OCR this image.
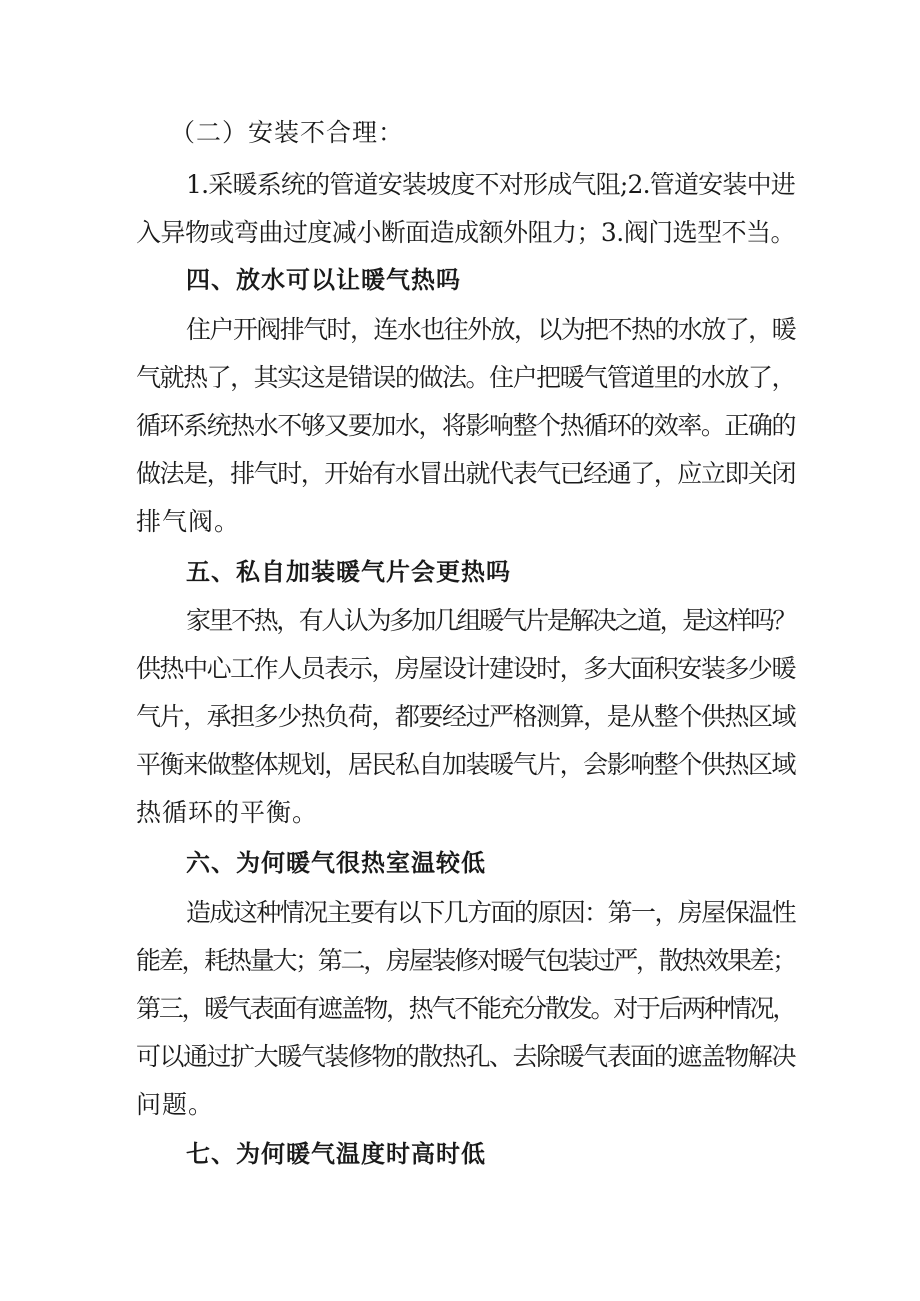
（二）安装不合理：
1.采暖系统的管道安装坡度不对形成气阻;2.管道安装中进
入异物或弯曲过度减小断面造成额外阻力；3.阀门选型不当。
四、放水可以让暖气热吗
住户开阀排气时，连水也往外放，以为把不热的水放了，暖
气就热了，其实这是错误的做法。住户把暖气管道里的水放了，
循环系统热水不够又要加水，将影响整个热循环的效率。正确的
做法是，排气时，开始有水冒出就代表气已经通了，应立即关闭
排气阀。
五、私自加装暖气片会更热吗
家里不热，有人认为多加几组暖气片是解决之道，是这样吗？
供热中心工作人员表示，房屋设计建设时，多大面积安装多少暖
气片，承担多少热负荷，都要经过严格测算，是从整个供热区域
平衡来做整体规划，居民私自加装暖气片，会影响整个供热区域
热循环的平衡。
六、为何暖气很热室温较低
造成这种情况主要有以下几方面的原因：第一，房屋保温性
能差，耗热量大；第二，房屋装修对暖气包装过严，散热效果差；
第三，暖气表面有遮盖物，热气不能充分散发。对于后两种情况，
可以通过扩大暖气装修物的散热孔、去除暖气表面的遮盖物解决
问题。
七、为何暖气温度时高时低
